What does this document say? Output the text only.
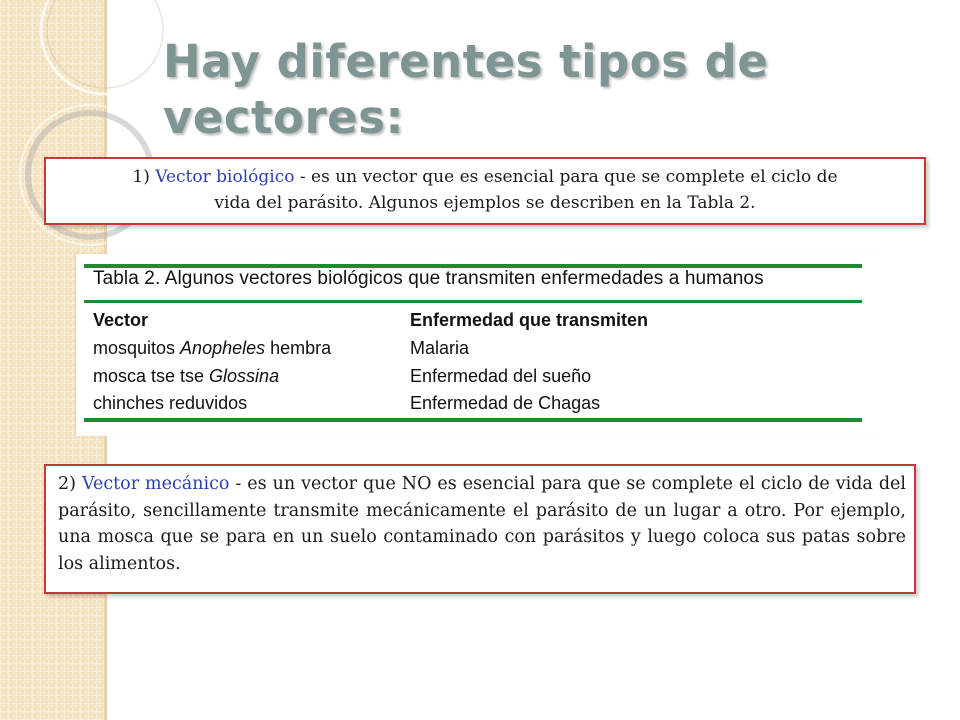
Hay diferentes tipos de vectores:
1) Vector biológico - es un vector que es esencial para que se complete el ciclo de
vida del parásito. Algunos ejemplos se describen en la Tabla 2.
Tabla 2. Algunos vectores biológicos que transmiten enfermedades a humanos
Vector	Enfermedad que transmiten
mosquitos Anopheles hembra	Malaria
mosca tse tse Glossina	Enfermedad del sueño
chinches reduvidos	Enfermedad de Chagas
2) Vector mecánico - es un vector que NO es esencial para que se complete el ciclo de vida del parásito, sencillamente transmite mecánicamente el parásito de un lugar a otro. Por ejemplo, una mosca que se para en un suelo contaminado con parásitos y luego coloca sus patas sobre los alimentos.
